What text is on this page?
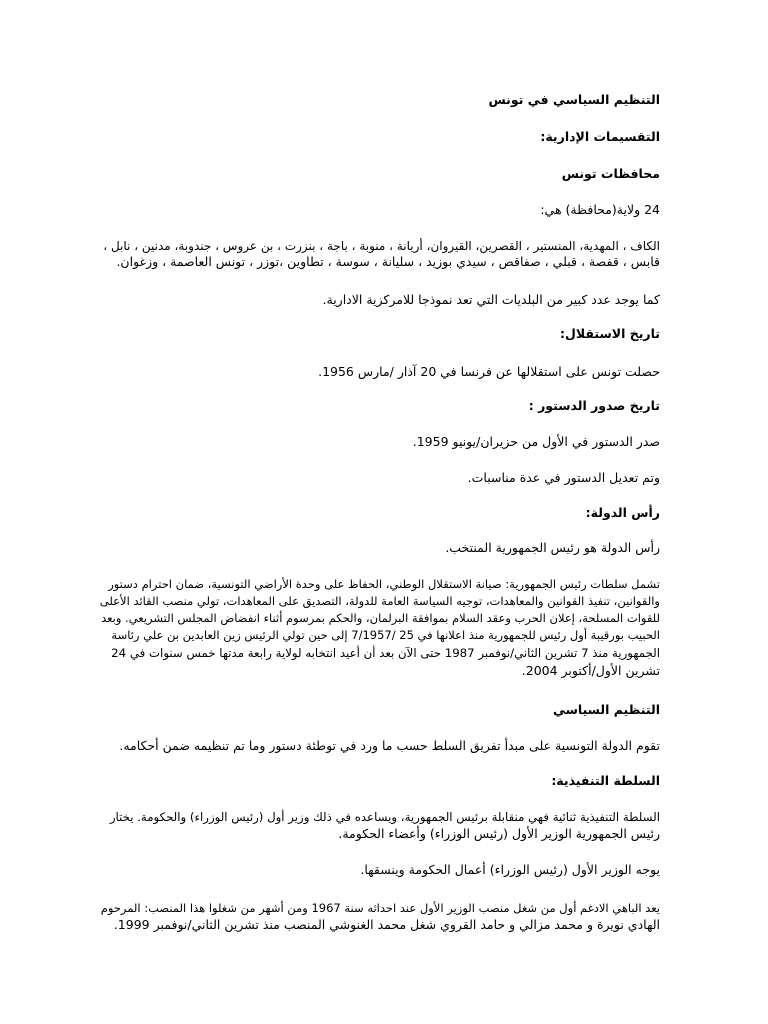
التنظيم السياسي في تونس
التقسيمات الإدارية:
محافظات تونس
24 ولاية(محافظة) هي:
الكاف ، المهدية، المنستير ، القصرين، القيروان، أريانة ، منوبة ، باجة ، بنزرت ، بن عروس ، جندوبة، مدنين ، نابل ،
قابس ، قفصة ، قبلي ، صفاقص ، سيدي بوزيد ، سليانة ، سوسة ، تطاوين ،توزر ، تونس العاصمة ، وزغوان.
كما يوجد عدد كبير من البلديات التي تعد نموذجا للامركزية الادارية.
تاريخ الاستقلال:
حصلت تونس على استقلالها عن فرنسا في 20 آذار /مارس 1956.
تاريخ صدور الدستور :
صدر الدستور في الأول من حزيران/يونيو 1959.
وتم تعديل الدستور في عدة مناسبات.
رأس الدولة:
رأس الدولة هو رئيس الجمهورية المنتخب.
تشمل سلطات رئيس الجمهورية: صيانة الاستقلال الوطني، الحفاظ على وحدة الأراضي التونسية، ضمان احترام دستور
والقوانين، تنفيذ القوانين والمعاهدات، توجيه السياسة العامة للدولة، التصديق على المعاهدات، تولي منصب القائد الأعلى
للقوات المسلحة، إعلان الحرب وعقد السلام بموافقة البرلمان، والحكم بمرسوم أثناء انفضاض المجلس التشريعي. وبعد
الحبيب بورقيبة أول رئيس للجمهورية منذ اعلانها في 25 /7/1957 إلى حين تولي الرئيس زين العابدين بن علي رئاسة
الجمهورية منذ 7 تشرين الثاني/نوفمبر 1987 حتى الآن بعد أن أعيد انتخابه لولاية رابعة مدتها خمس سنوات في 24
تشرين الأول/أكتوبر 2004.
التنظيم السياسي
تقوم الدولة التونسية على مبدأ تفريق السلط حسب ما ورد في توطئة دستور وما تم تنظيمه ضمن أحكامه.
السلطة التنفيذية:
السلطة التنفيذية ثنائية فهي منقابلة برئيس الجمهورية، ويساعده في ذلك وزير أول (رئيس الوزراء) والحكومة. يختار
رئيس الجمهورية الوزير الأول (رئيس الوزراء) وأعضاء الحكومة.
يوجه الوزير الأول (رئيس الوزراء) أعمال الحكومة وينسقها.
يعد الباهي الادغم أول من شغل منصب الوزير الأول عند احداثه سنة 1967 ومن أشهر من شغلوا هذا المنصب: المرحوم
الهادي نويرة و محمد مزالي و حامد القروي شغل محمد الغنوشي المنصب منذ تشرين الثاني/نوفمبر 1999.
